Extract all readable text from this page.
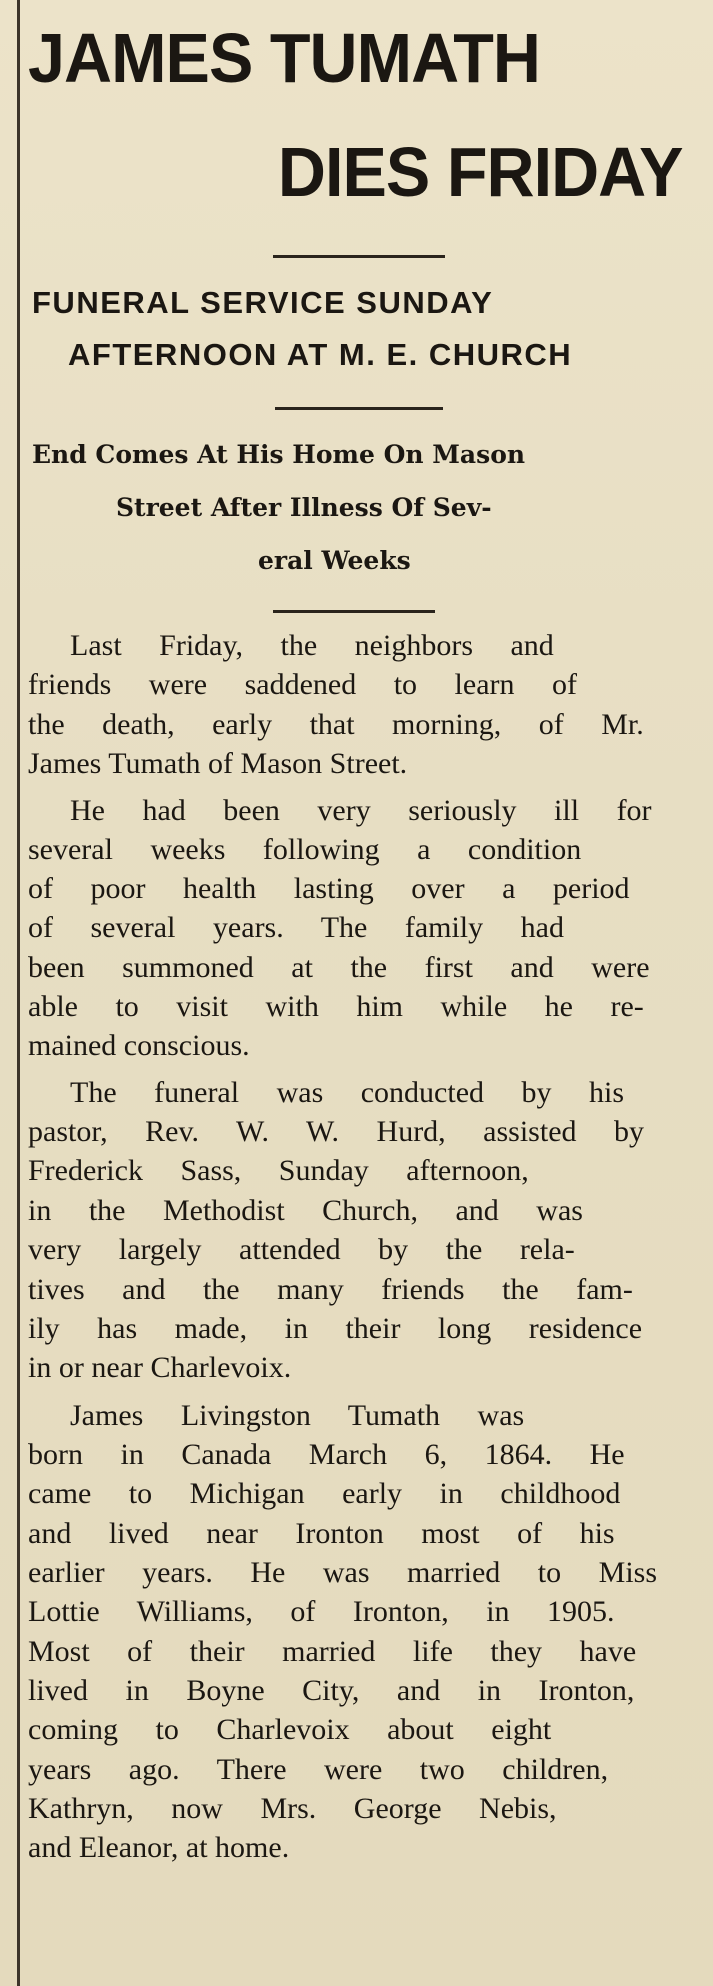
JAMES TUMATH
DIES FRIDAY
FUNERAL SERVICE SUNDAY
AFTERNOON AT M. E. CHURCH
End Comes At His Home On Mason
Street After Illness Of Sev-
eral Weeks
Last Friday, the neighbors and
friends were saddened to learn of
the death, early that morning, of Mr.
James Tumath of Mason Street.
He had been very seriously ill for
several weeks following a condition
of poor health lasting over a period
of several years. The family had
been summoned at the first and were
able to visit with him while he re-
mained conscious.
The funeral was conducted by his
pastor, Rev. W. W. Hurd, assisted by
Frederick Sass, Sunday afternoon,
in the Methodist Church, and was
very largely attended by the rela-
tives and the many friends the fam-
ily has made, in their long residence
in or near Charlevoix.
James Livingston Tumath was
born in Canada March 6, 1864. He
came to Michigan early in childhood
and lived near Ironton most of his
earlier years. He was married to Miss
Lottie Williams, of Ironton, in 1905.
Most of their married life they have
lived in Boyne City, and in Ironton,
coming to Charlevoix about eight
years ago. There were two children,
Kathryn, now Mrs. George Nebis,
and Eleanor, at home.
